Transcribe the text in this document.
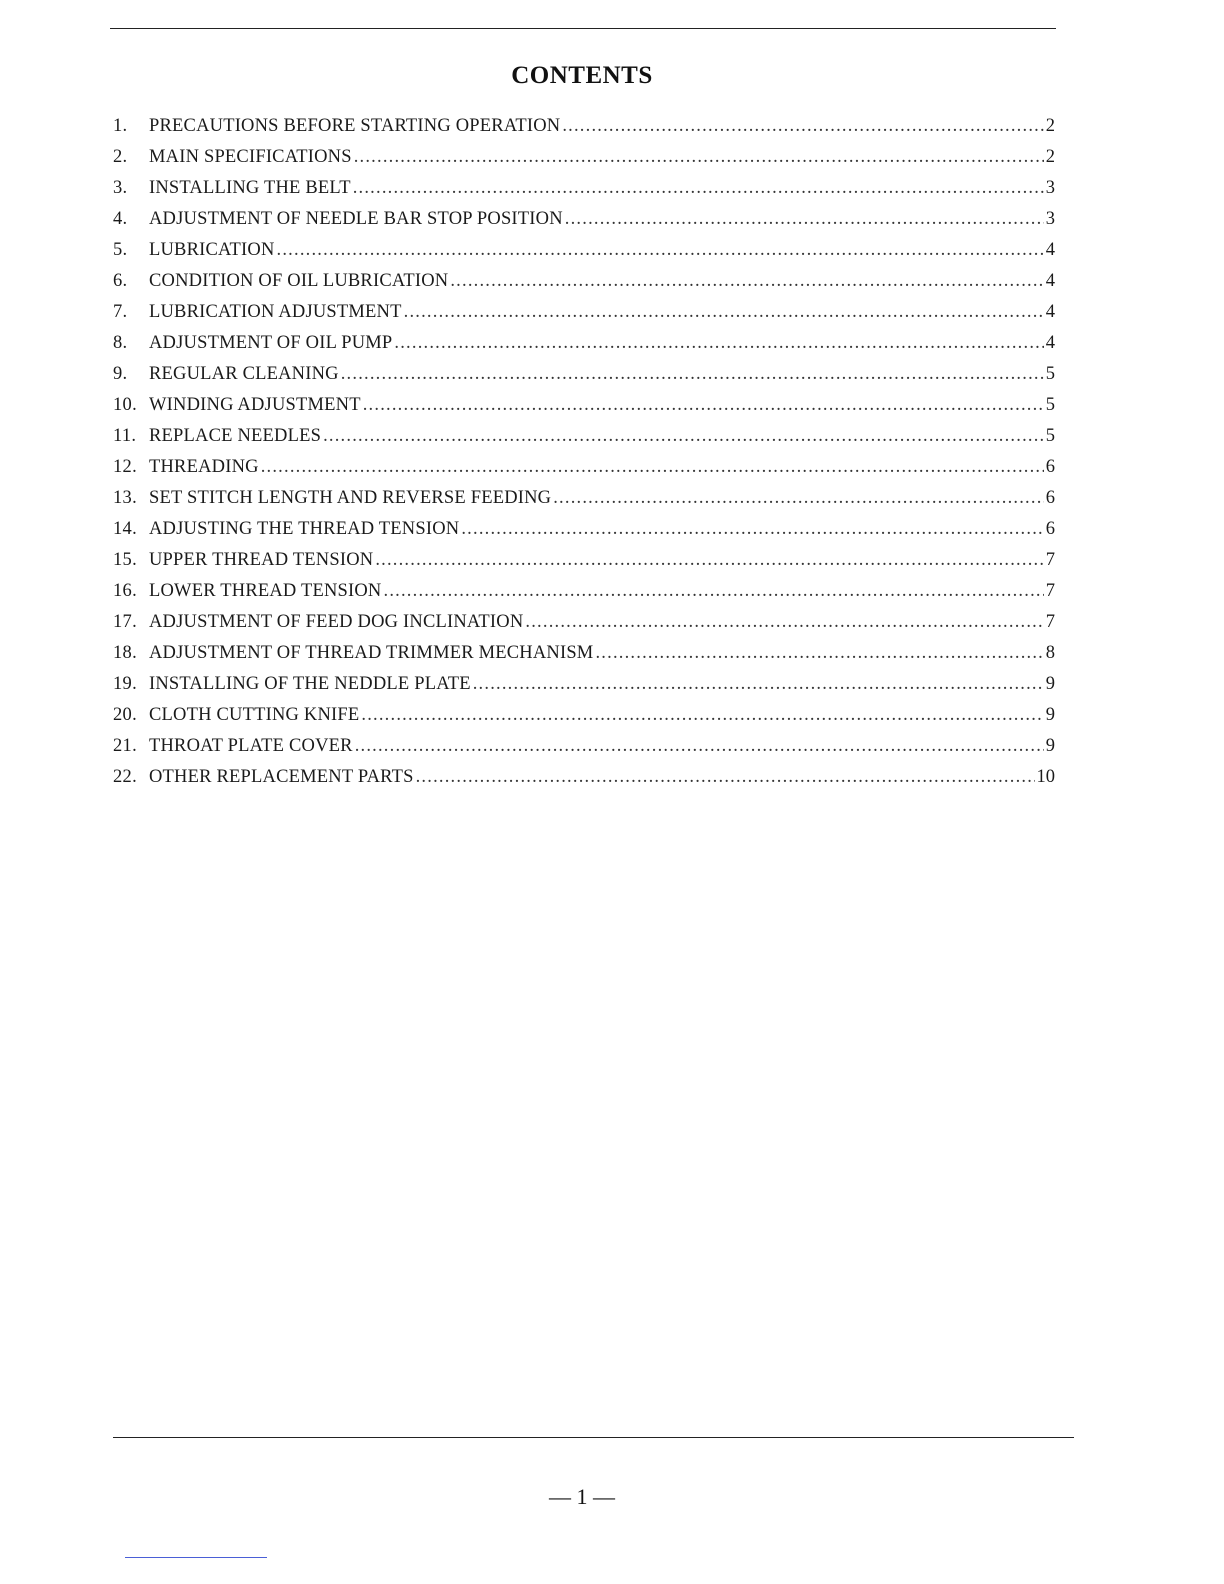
CONTENTS
1.	PRECAUTIONS BEFORE STARTING OPERATION .....	2
2.	MAIN SPECIFICATIONS .....	2
3.	INSTALLING THE BELT .....	3
4.	ADJUSTMENT OF NEEDLE BAR STOP POSITION .....	3
5.	LUBRICATION .....	4
6.	CONDITION OF OIL LUBRICATION .....	4
7.	LUBRICATION ADJUSTMENT .....	4
8.	ADJUSTMENT OF OIL PUMP .....	4
9.	REGULAR CLEANING .....	5
10. WINDING ADJUSTMENT .....	5
11. REPLACE NEEDLES .....	5
12. THREADING .....	6
13. SET STITCH LENGTH AND REVERSE FEEDING .....	6
14. ADJUSTING THE THREAD TENSION .....	6
15. UPPER THREAD TENSION .....	7
16. LOWER THREAD TENSION .....	7
17. ADJUSTMENT OF FEED DOG INCLINATION .....	7
18. ADJUSTMENT OF THREAD TRIMMER MECHANISM .....	8
19. INSTALLING OF THE NEDDLE PLATE .....	9
20. CLOTH CUTTING KNIFE .....	9
21. THROAT PLATE COVER .....	9
22. OTHER REPLACEMENT PARTS .....	10
— 1 —
